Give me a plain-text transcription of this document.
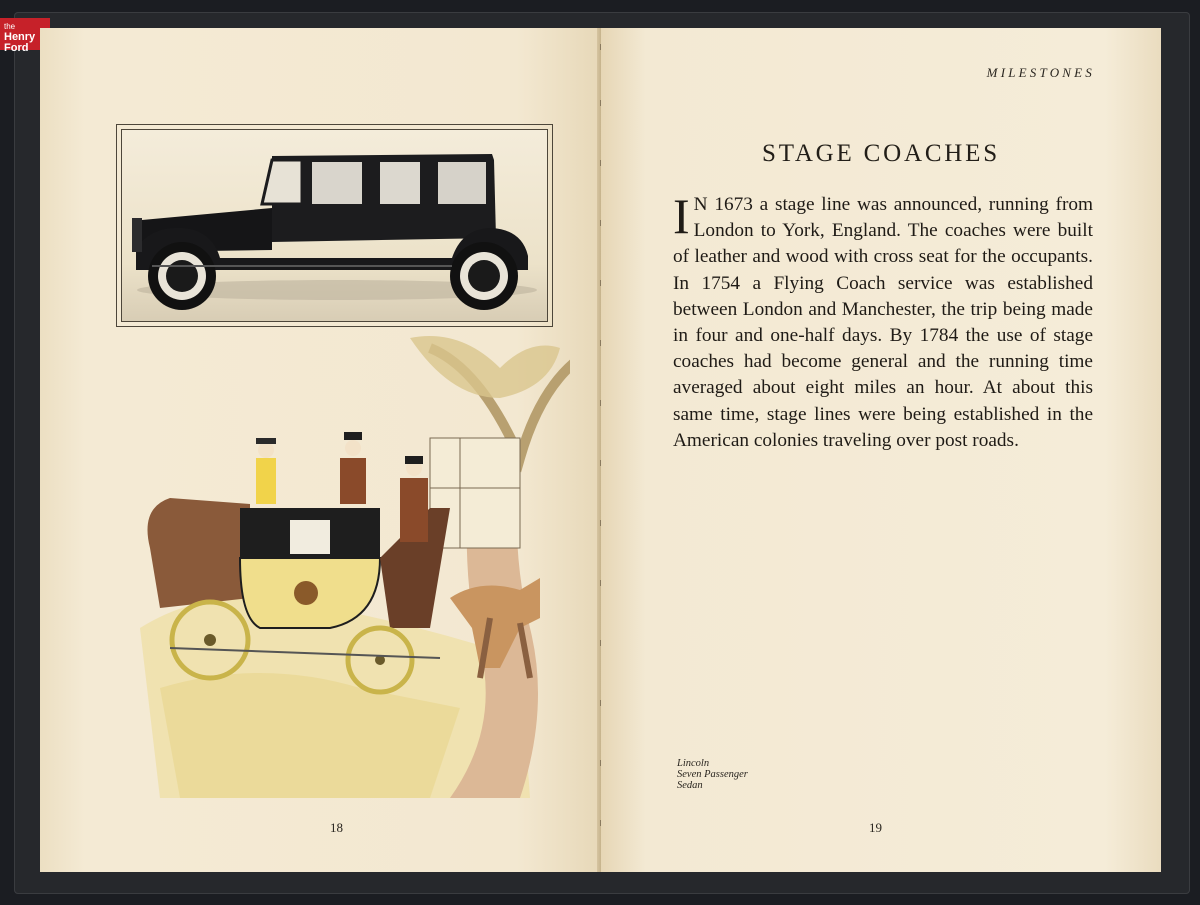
the
Henry
Ford
18
MILESTONES
STAGE COACHES
I N 1673 a stage line was announced, running from London to York, England. The coaches were built of leather and wood with cross seat for the occupants. In 1754 a Flying Coach service was established between London and Manchester, the trip being made in four and one-half days. By 1784 the use of stage coaches had become general and the running time averaged about eight miles an hour. At about this same time, stage lines were being established in the American colonies traveling over post roads.
Lincoln
Seven Passenger
Sedan
19
